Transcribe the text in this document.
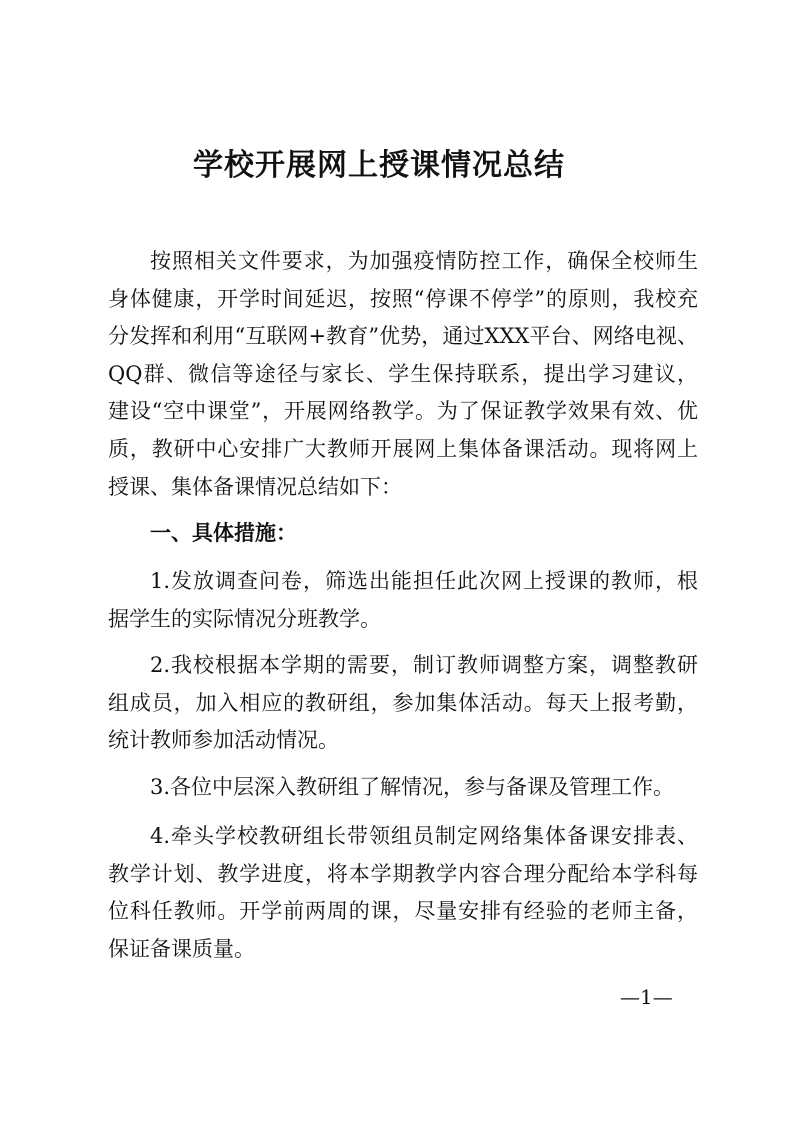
学校开展网上授课情况总结
按照相关文件要求，为加强疫情防控工作，确保全校师生
身体健康，开学时间延迟，按照“停课不停学”的原则，我校充
分发挥和利用“互联网+教育”优势，通过XXX平台、网络电视、
QQ群、微信等途径与家长、学生保持联系，提出学习建议，
建设“空中课堂”，开展网络教学。为了保证教学效果有效、优
质，教研中心安排广大教师开展网上集体备课活动。现将网上
授课、集体备课情况总结如下：
一、具体措施：
1.发放调查问卷，筛选出能担任此次网上授课的教师，根
据学生的实际情况分班教学。
2.我校根据本学期的需要，制订教师调整方案，调整教研
组成员，加入相应的教研组，参加集体活动。每天上报考勤，
统计教师参加活动情况。
3.各位中层深入教研组了解情况，参与备课及管理工作。
4.牵头学校教研组长带领组员制定网络集体备课安排表、
教学计划、教学进度，将本学期教学内容合理分配给本学科每
位科任教师。开学前两周的课，尽量安排有经验的老师主备，
保证备课质量。
—1—
